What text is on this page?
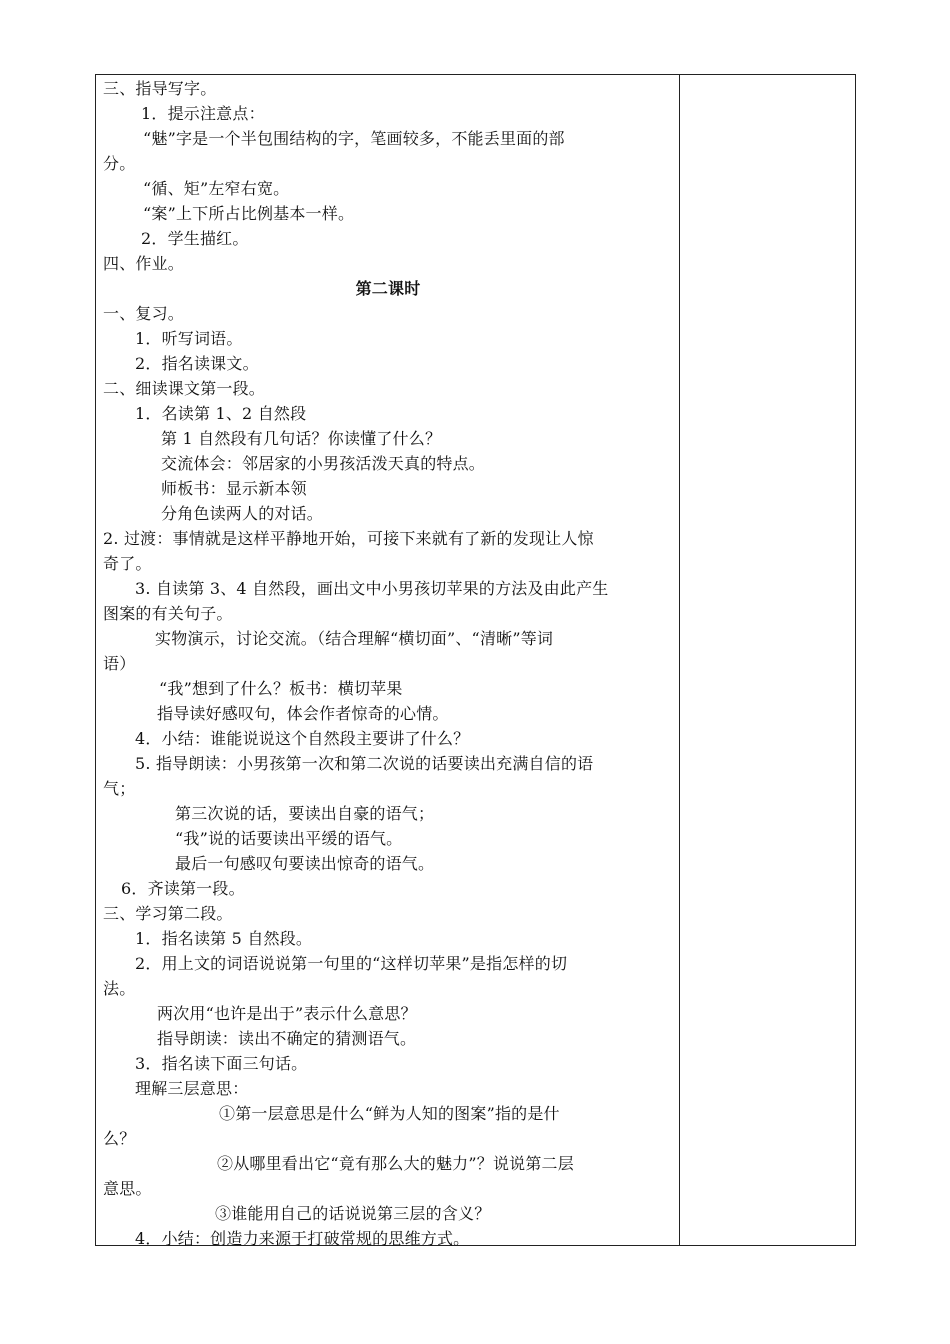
三、指导写字。
1．提示注意点：
“魅”字是一个半包围结构的字，笔画较多，不能丢里面的部
分。
“循、矩”左窄右宽。
“案”上下所占比例基本一样。
2．学生描红。
四、作业。
第二课时
一、复习。
1．听写词语。
2．指名读课文。
二、细读课文第一段。
1．名读第 1、2 自然段
第 1 自然段有几句话？你读懂了什么？
交流体会：邻居家的小男孩活泼天真的特点。
师板书：显示新本领
分角色读两人的对话。
2. 过渡：事情就是这样平静地开始，可接下来就有了新的发现让人惊
奇了。
3. 自读第 3、4 自然段，画出文中小男孩切苹果的方法及由此产生
图案的有关句子。
实物演示，讨论交流。（结合理解“横切面”、“清晰”等词
语）
“我”想到了什么？板书：横切苹果
指导读好感叹句，体会作者惊奇的心情。
4．小结：谁能说说这个自然段主要讲了什么？
5. 指导朗读：小男孩第一次和第二次说的话要读出充满自信的语
气；
第三次说的话，要读出自豪的语气；
“我”说的话要读出平缓的语气。
最后一句感叹句要读出惊奇的语气。
6．齐读第一段。
三、学习第二段。
1．指名读第 5 自然段。
2．用上文的词语说说第一句里的“这样切苹果”是指怎样的切
法。
两次用“也许是出于”表示什么意思？
指导朗读：读出不确定的猜测语气。
3．指名读下面三句话。
理解三层意思：
①第一层意思是什么“鲜为人知的图案”指的是什
么？
②从哪里看出它“竟有那么大的魅力”？说说第二层
意思。
③谁能用自己的话说说第三层的含义？
4．小结：创造力来源于打破常规的思维方式。
